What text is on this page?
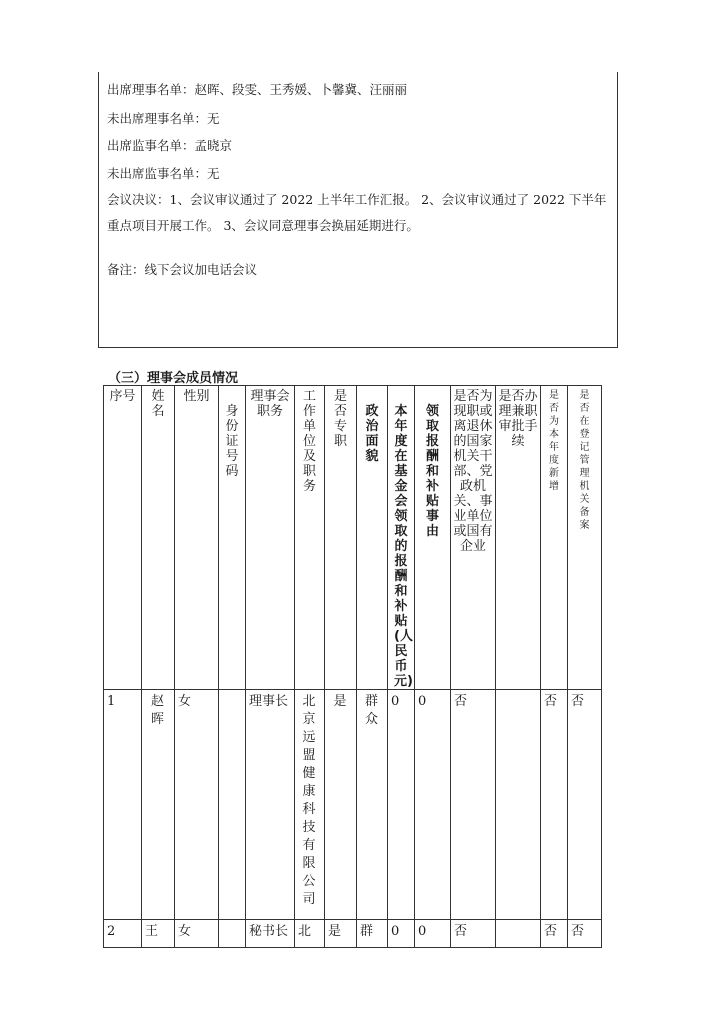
出席理事名单：赵晖、段雯、王秀媛、卜馨冀、汪丽丽
未出席理事名单：无
出席监事名单：孟晓京
未出席监事名单：无
会议决议：1、会议审议通过了 2022 上半年工作汇报。 2、会议审议通过了 2022 下半年重点项目开展工作。 3、会议同意理事会换届延期进行。
备注：线下会议加电话会议
（三）理事会成员情况
序号	姓名	性别	身份证号码	理事会职务	工作单位及职务	是否专职	政治面貌	本年度在基金会领取的报酬和补贴(人民币元)	领取报酬和补贴事由	是否为现职或离退休的国家机关干部、党政机关、事业单位或国有企业	是否办理兼职审批手续	是否为本年度新增	是否在登记管理机关备案

1	赵晖	女		理事长	北京远盟健康科技有限公司	是	群众	0	0	否		否	否

2	王	女		秘书长	北	是	群	0	0	否		否	否
